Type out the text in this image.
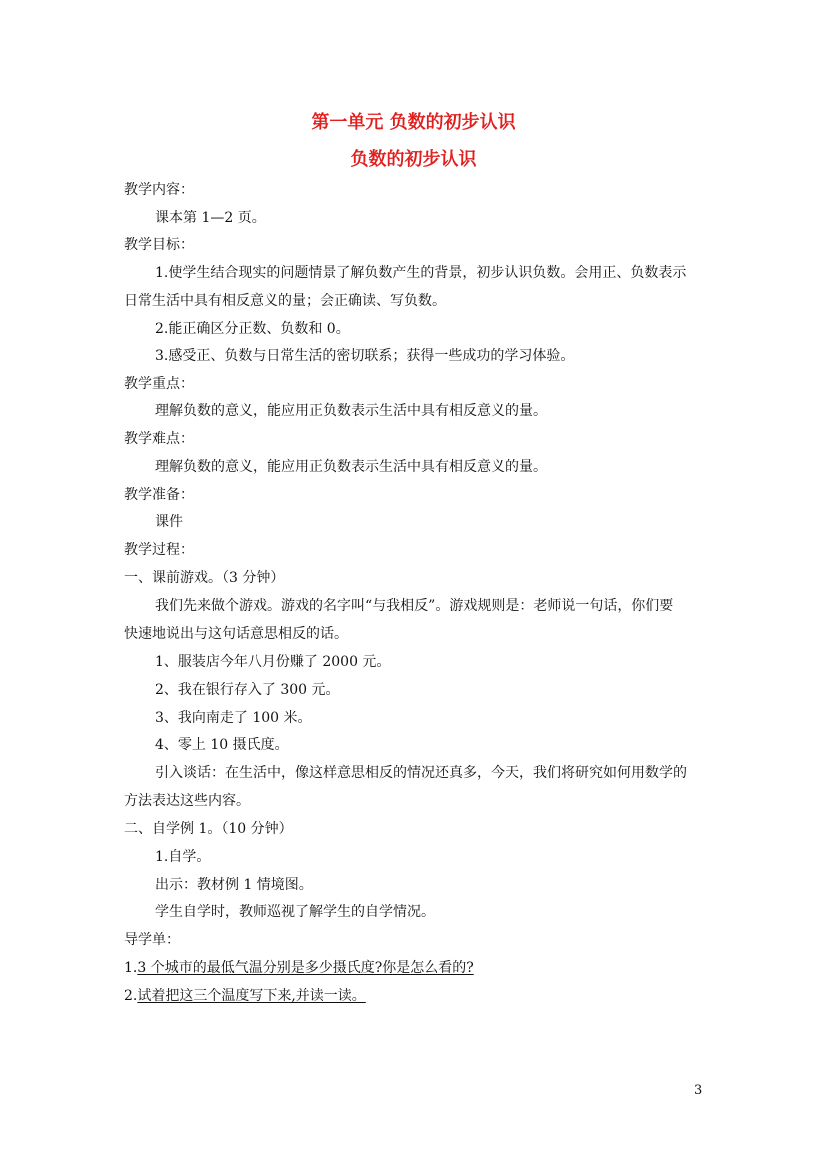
第一单元 负数的初步认识
负数的初步认识
教学内容：
课本第 1—2 页。
教学目标：
1.使学生结合现实的问题情景了解负数产生的背景，初步认识负数。会用正、负数表示
日常生活中具有相反意义的量；会正确读、写负数。
2.能正确区分正数、负数和 0。
3.感受正、负数与日常生活的密切联系；获得一些成功的学习体验。
教学重点：
理解负数的意义，能应用正负数表示生活中具有相反意义的量。
教学难点：
理解负数的意义，能应用正负数表示生活中具有相反意义的量。
教学准备：
课件
教学过程：
一、课前游戏。（3 分钟）
我们先来做个游戏。游戏的名字叫“与我相反”。游戏规则是：老师说一句话，你们要
快速地说出与这句话意思相反的话。
1、服装店今年八月份赚了 2000 元。
2、我在银行存入了 300 元。
3、我向南走了 100 米。
4、零上 10 摄氏度。
引入谈话：在生活中，像这样意思相反的情况还真多，今天，我们将研究如何用数学的
方法表达这些内容。
二、自学例 1。（10 分钟）
1.自学。
出示：教材例 1 情境图。
学生自学时，教师巡视了解学生的自学情况。
导学单：
1.3 个城市的最低气温分别是多少摄氏度?你是怎么看的?
2.试着把这三个温度写下来,并读一读。
3
